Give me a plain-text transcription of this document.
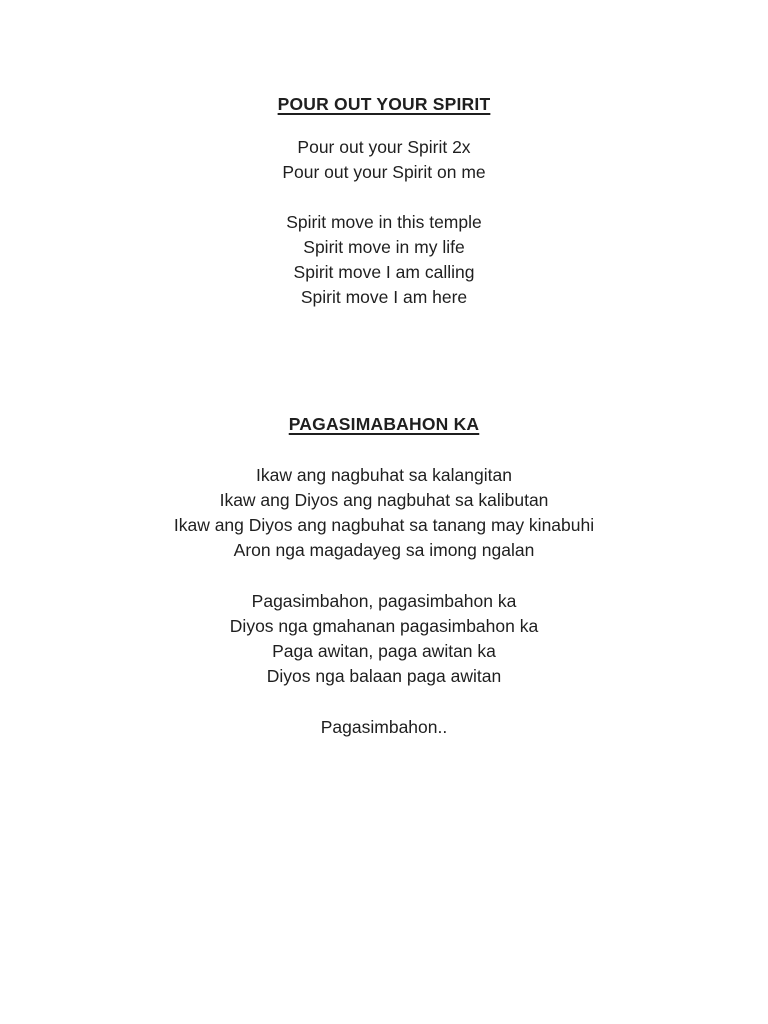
POUR OUT YOUR SPIRIT

Pour out your Spirit 2x

Pour out your Spirit on me

Spirit move in this temple

Spirit move in my life

Spirit move I am calling

Spirit move I am here

PAGASIMABAHON KA

Ikaw ang nagbuhat sa kalangitan

Ikaw ang Diyos ang nagbuhat sa kalibutan

Ikaw ang Diyos ang nagbuhat sa tanang may kinabuhi

Aron nga magadayeg sa imong ngalan

Pagasimbahon, pagasimbahon ka

Diyos nga gmahanan pagasimbahon ka

Paga awitan, paga awitan ka

Diyos nga balaan paga awitan

Pagasimbahon..
